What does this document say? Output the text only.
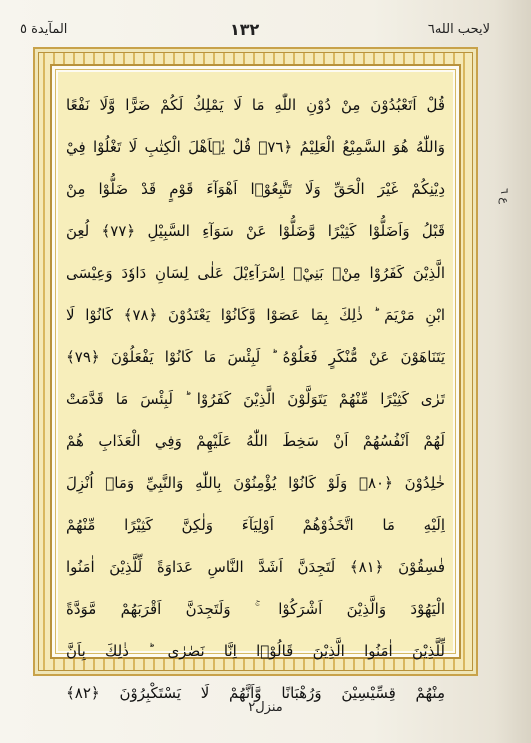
لايحب الله٦
١٣٢
المآيدة ٥
قُلْ اَتَعْبُدُوْنَ مِنْ دُوْنِ اللّٰهِ مَا لَا يَمْلِكُ لَكُمْ ضَرًّا وَّلَا نَفْعًا
وَاللّٰهُ هُوَ السَّمِيْعُ الْعَلِيْمُ ﴿٧٦﴾ قُلْ يٰۤاَهْلَ الْكِتٰبِ لَا تَغْلُوْا فِيْ
دِيْنِكُمْ غَيْرَ الْحَقِّ وَلَا تَتَّبِعُوْۤا اَهْوَآءَ قَوْمٍ قَدْ ضَلُّوْا مِنْ
قَبْلُ وَاَضَلُّوْا كَثِيْرًا وَّضَلُّوْا عَنْ سَوَآءِ السَّبِيْلِ ﴿٧٧﴾ لُعِنَ
الَّذِيْنَ كَفَرُوْا مِنْۢ بَنِيْۤ اِسْرَآءِيْلَ عَلٰى لِسَانِ دَاوٗدَ وَعِيْسَى
ابْنِ مَرْيَمَ ؕ ذٰلِكَ بِمَا عَصَوْا وَّكَانُوْا يَعْتَدُوْنَ ﴿٧٨﴾ كَانُوْا لَا
يَتَنَاهَوْنَ عَنْ مُّنْكَرٍ فَعَلُوْهُ ؕ لَبِئْسَ مَا كَانُوْا يَفْعَلُوْنَ ﴿٧٩﴾
تَرٰى كَثِيْرًا مِّنْهُمْ يَتَوَلَّوْنَ الَّذِيْنَ كَفَرُوْا ؕ لَبِئْسَ مَا قَدَّمَتْ
لَهُمْ اَنْفُسُهُمْ اَنْ سَخِطَ اللّٰهُ عَلَيْهِمْ وَفِي الْعَذَابِ هُمْ
خٰلِدُوْنَ ﴿٨٠﴾ وَلَوْ كَانُوْا يُؤْمِنُوْنَ بِاللّٰهِ وَالنَّبِيِّ وَمَاۤ اُنْزِلَ
اِلَيْهِ مَا اتَّخَذُوْهُمْ اَوْلِيَآءَ وَلٰكِنَّ كَثِيْرًا مِّنْهُمْ
فٰسِقُوْنَ ﴿٨١﴾ لَتَجِدَنَّ اَشَدَّ النَّاسِ عَدَاوَةً لِّلَّذِيْنَ اٰمَنُوا
الْيَهُوْدَ وَالَّذِيْنَ اَشْرَكُوْا ۚ وَلَتَجِدَنَّ اَقْرَبَهُمْ مَّوَدَّةً
لِّلَّذِيْنَ اٰمَنُوا الَّذِيْنَ قَالُوْۤا اِنَّا نَصٰرٰى ؕ ذٰلِكَ بِاَنَّ
مِنْهُمْ قِسِّيْسِيْنَ وَرُهْبَانًا وَّاَنَّهُمْ لَا يَسْتَكْبِرُوْنَ ﴿٨٢﴾
ع ٦
منزل٢
